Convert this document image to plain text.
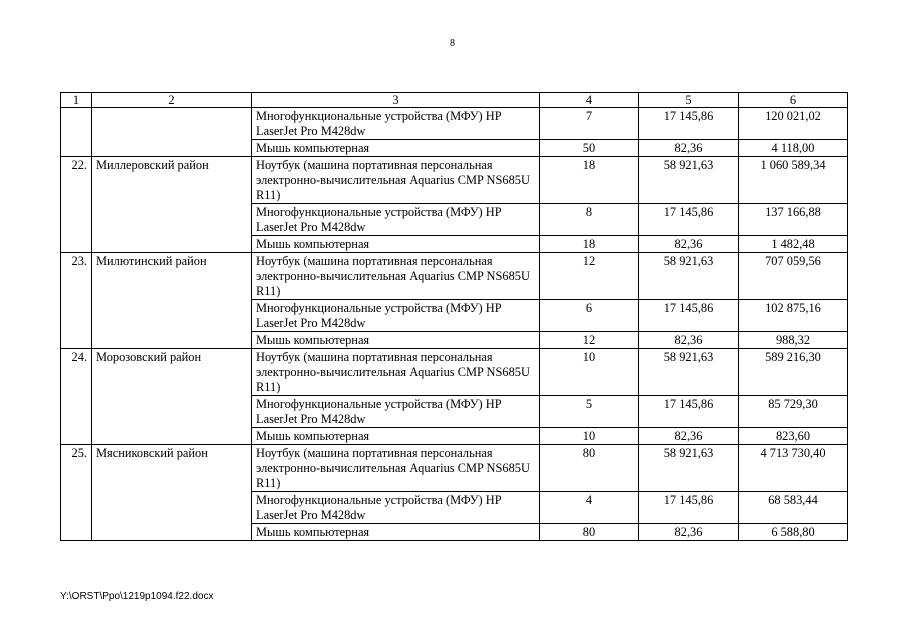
8
1	2	3	4	5	6
		Многофункциональные устройства (МФУ) HP LaserJet Pro M428dw	7	17 145,86	120 021,02
		Мышь компьютерная	50	82,36	4 118,00
22.	Миллеровский район	Ноутбук (машина портативная персональная электронно-вычислительная Aquarius CMP NS685U R11)	18	58 921,63	1 060 589,34
		Многофункциональные устройства (МФУ) HP LaserJet Pro M428dw	8	17 145,86	137 166,88
		Мышь компьютерная	18	82,36	1 482,48
23.	Милютинский район	Ноутбук (машина портативная персональная электронно-вычислительная Aquarius CMP NS685U R11)	12	58 921,63	707 059,56
		Многофункциональные устройства (МФУ) HP LaserJet Pro M428dw	6	17 145,86	102 875,16
		Мышь компьютерная	12	82,36	988,32
24.	Морозовский район	Ноутбук (машина портативная персональная электронно-вычислительная Aquarius CMP NS685U R11)	10	58 921,63	589 216,30
		Многофункциональные устройства (МФУ) HP LaserJet Pro M428dw	5	17 145,86	85 729,30
		Мышь компьютерная	10	82,36	823,60
25.	Мясниковский район	Ноутбук (машина портативная персональная электронно-вычислительная Aquarius CMP NS685U R11)	80	58 921,63	4 713 730,40
		Многофункциональные устройства (МФУ) HP LaserJet Pro M428dw	4	17 145,86	68 583,44
		Мышь компьютерная	80	82,36	6 588,80
Y:\ORST\Ppo\1219p1094.f22.docx
